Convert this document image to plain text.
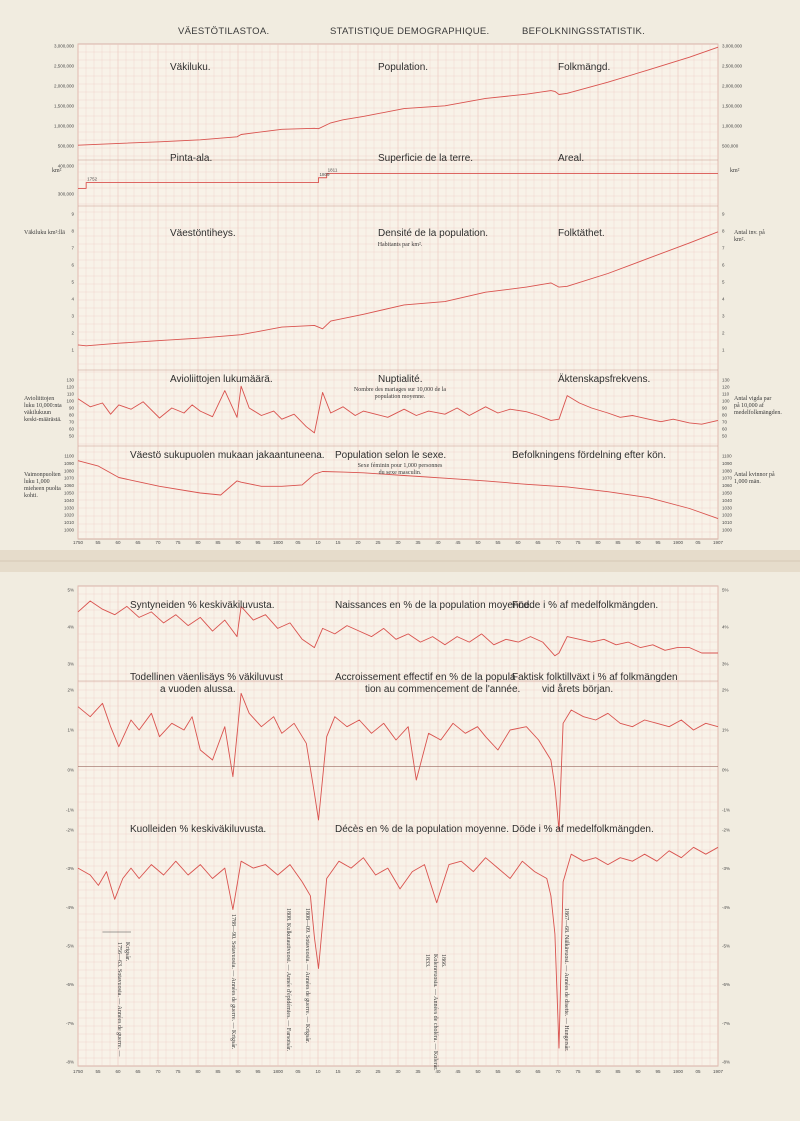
1750	55	60	65	70	75	80	85	90	95	1800	05	10	15	20	25	30	35	40	45	50	55	60	65	70	75	80	85	90	95	1900	05	1907
1750	55	60	65	70	75	80	85	90	95	1800	05	10	15	20	25	30	35	40	45	50	55	60	65	70	75	80	85	90	95	1900	05	1907
Väkiluku.	Population.	Folkmängd.
3,000,000
2,500,000
2,000,000
1,500,000
1,000,000
500,000
3,000,000
2,500,000
2,000,000
1,500,000
1,000,000
500,000
Pinta-ala.	Superficie de la terre.	Areal.
400,000
300,000
km²	km²
1752
1809
1811
Väestöntiheys.	Densité de la population.	Folktäthet.
Habitants par km².
9
8
7
6
5
4
3
2
1
9
8
7
6
5
4
3
2
1
Väkiluku km²:llä	Antal inv. på
km².
Avioliittojen lukumäärä.	Nuptialité.	Äktenskapsfrekvens.
Nombre des mariages sur 10,000 de la
population moyenne.
130
120
110
100
90
80
70
60
50
130
120
110
100
90
80
70
60
50
Avioliittojen
luku 10,000:nta
väkilukuun
keski-määrästä.
Antal vigda par
på 10,000 af
medelfolkmängden.
Väestö sukupuolen mukaan jakaantuneena. Population selon le sexe.	Befolkningens fördelning efter kön.
Sexe féminin pour 1,000 personnes
du sexe masculin.
1100
1090
1080
1070
1060
1050
1040
1030
1020
1010
1000
1100
1090
1080
1070
1060
1050
1040
1030
1020
1010
1000
Vaimonpuolten
luku 1,000
mieheen puolta
kohti.
Antal kvinnor på
1,000 män.
Syntyneiden % keskiväkiluvusta.	Naissances en % de la population moyenne.
Födde i % af medelfolkmängden.
5%
4%
3%
5%
4%
3%
Todellinen väenlisäys % väkiluvust
a vuoden alussa.
Accroissement effectif en % de la popula
tion au commencement de l'année.
Faktisk folktillväxt i % af folkmängden
vid årets början.
2%
1%
0%
-1%
2%
1%
0%
-1%
Kuolleiden % keskiväkiluvusta.	Décès en % de la population moyenne. Döde i % af medelfolkmängden.
-2%
-3%
-4%
-5%
-6%
-7%
-8%
-2%
-3%
-4%
-5%
-6%
-7%
-8%
1756—63. Sotavuosia. — Années de guerre. — Krigsår.	1788—90. Sotavuosia. — Années de guerre. — Krigsår.	1808. Kulkutautivuosi. — Année d'épidémies. — Farsotsår. 1808—09. Sotavuosia. — Années de guerre. — Krigsår.	1833. Koleravuosia. — Années de choléra. — Kolerår. 1866.	1867—68. Nälkävuosi. — Années de disette. — Hungersår.
VÄESTÖTILASTOA.	STATISTIQUE DEMOGRAPHIQUE.	BEFOLKNINGSSTATISTIK.
